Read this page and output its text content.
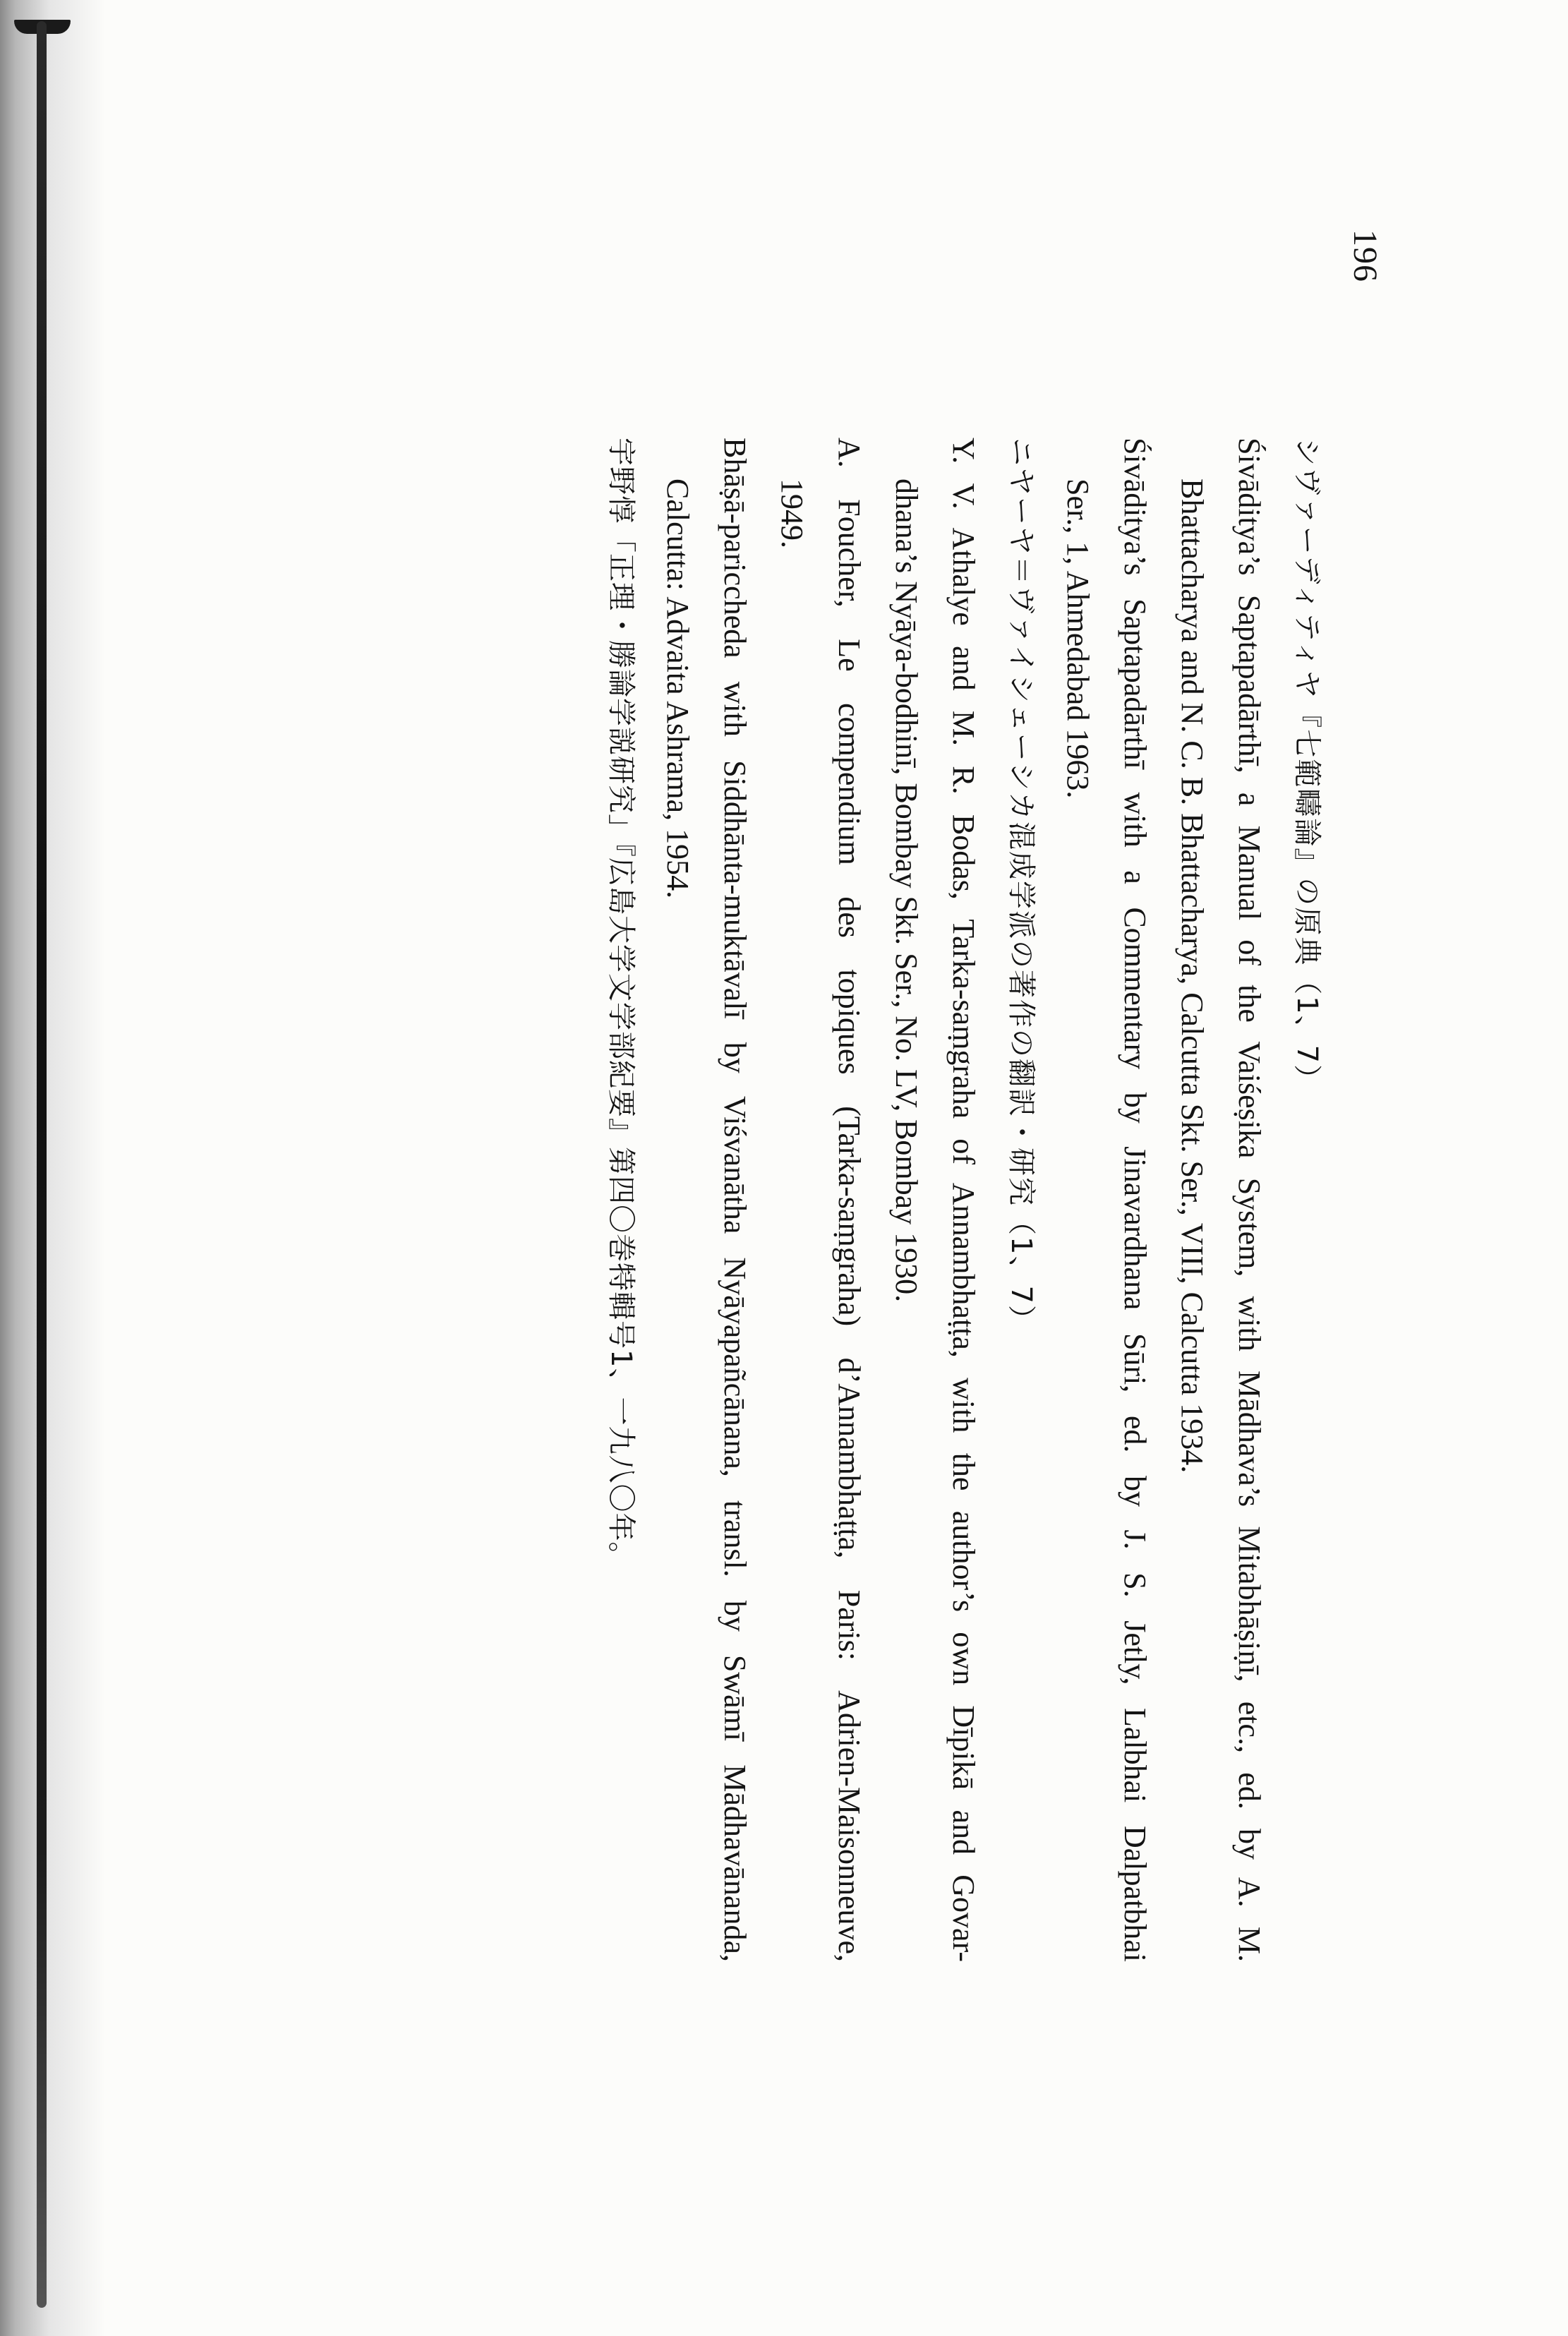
196
シヴァーディティヤ『七範疇論』の原典（1、7）
Śivāditya’s Saptapadārthī, a Manual of the Vaiśeṣika System, with Mādhava’s Mitabhāṣiṇī, etc., ed. by A. M.
Bhattacharya and N. C. B. Bhattacharya, Calcutta Skt. Ser., VIII, Calcutta 1934.
Śivāditya’s Saptapadārthī with a Commentary by Jinavardhana Sūri, ed. by J. S. Jetly, Lalbhai Dalpatbhai
Ser., 1, Ahmedabad 1963.
ニヤーヤ＝ヴァイシェーシカ混成学派の著作の翻訳・研究（1、7）
Y. V. Athalye and M. R. Bodas, Tarka-saṃgraha of Annambhaṭṭa, with the author’s own Dīpikā and Govar-
dhana’s Nyāya-bodhinī, Bombay Skt. Ser., No. LV, Bombay 1930.
A. Foucher, Le compendium des topiques (Tarka-saṃgraha) d’Annambhaṭṭa, Paris: Adrien-Maisonneuve,
1949.
Bhāṣā-pariccheda with Siddhānta-muktāvalī by Viśvanātha Nyāyapañcānana, transl. by Swāmī Mādhavānanda,
Calcutta: Advaita Ashrama, 1954.
宇野惇「正理・勝論学説研究」『広島大学文学部紀要』第四〇巻特輯号1、一九八〇年。
